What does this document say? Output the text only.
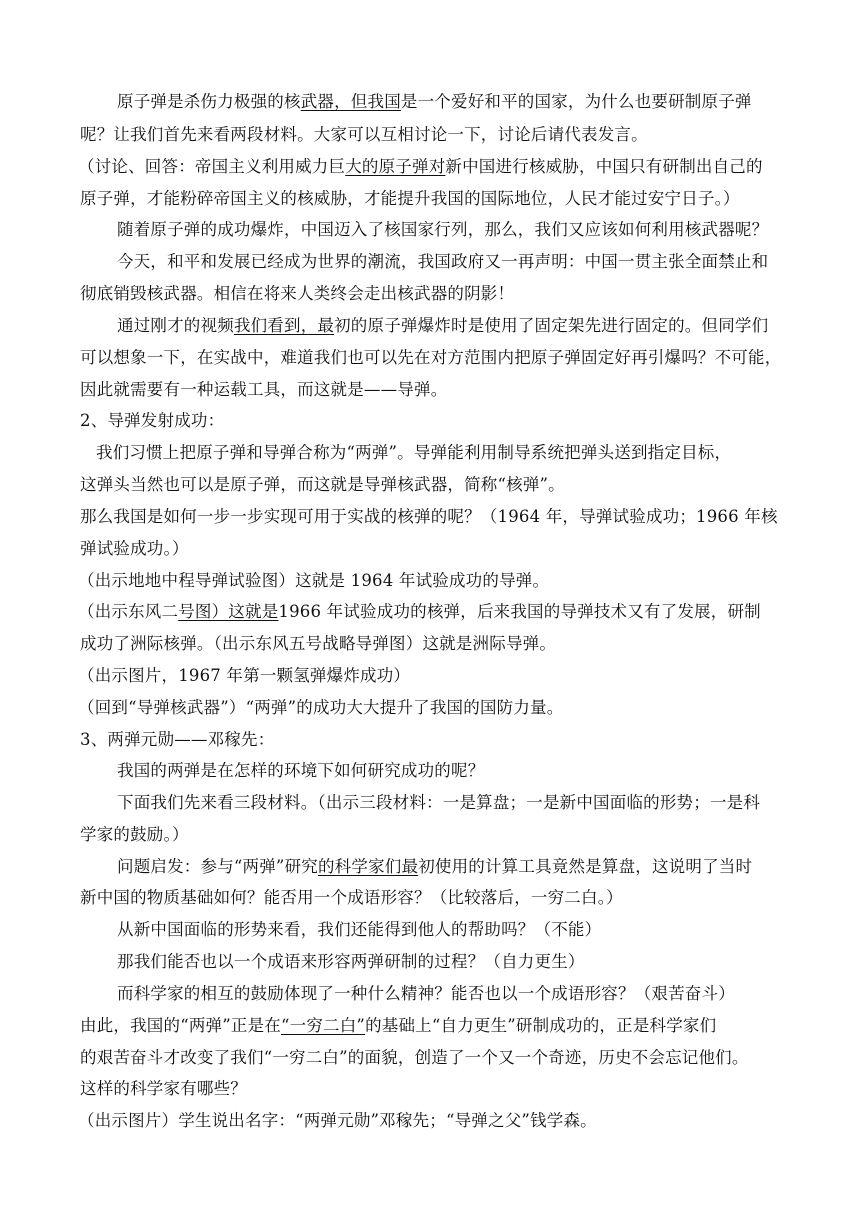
原子弹是杀伤力极强的核武器，但我国是一个爱好和平的国家，为什么也要研制原子弹
呢？让我们首先来看两段材料。大家可以互相讨论一下，讨论后请代表发言。
（讨论、回答：帝国主义利用威力巨大的原子弹对新中国进行核威胁，中国只有研制出自己的
原子弹，才能粉碎帝国主义的核威胁，才能提升我国的国际地位，人民才能过安宁日子。）
随着原子弹的成功爆炸，中国迈入了核国家行列，那么，我们又应该如何利用核武器呢？
今天，和平和发展已经成为世界的潮流，我国政府又一再声明：中国一贯主张全面禁止和
彻底销毁核武器。相信在将来人类终会走出核武器的阴影！
通过刚才的视频我们看到，最初的原子弹爆炸时是使用了固定架先进行固定的。但同学们
可以想象一下，在实战中，难道我们也可以先在对方范围内把原子弹固定好再引爆吗？不可能，
因此就需要有一种运载工具，而这就是——导弹。
2、导弹发射成功：
我们习惯上把原子弹和导弹合称为“两弹”。导弹能利用制导系统把弹头送到指定目标，
这弹头当然也可以是原子弹，而这就是导弹核武器，简称“核弹”。
那么我国是如何一步一步实现可用于实战的核弹的呢？（1964 年，导弹试验成功；1966 年核
弹试验成功。）
（出示地地中程导弹试验图）这就是 1964 年试验成功的导弹。
（出示东风二号图）这就是1966 年试验成功的核弹，后来我国的导弹技术又有了发展，研制
成功了洲际核弹。（出示东风五号战略导弹图）这就是洲际导弹。
（出示图片，1967 年第一颗氢弹爆炸成功）
（回到“导弹核武器”）“两弹”的成功大大提升了我国的国防力量。
3、两弹元勋——邓稼先：
我国的两弹是在怎样的环境下如何研究成功的呢？
下面我们先来看三段材料。（出示三段材料：一是算盘；一是新中国面临的形势；一是科
学家的鼓励。）
问题启发：参与“两弹”研究的科学家们最初使用的计算工具竟然是算盘，这说明了当时
新中国的物质基础如何？能否用一个成语形容？（比较落后，一穷二白。）
从新中国面临的形势来看，我们还能得到他人的帮助吗？（不能）
那我们能否也以一个成语来形容两弹研制的过程？（自力更生）
而科学家的相互的鼓励体现了一种什么精神？能否也以一个成语形容？（艰苦奋斗）
由此，我国的“两弹”正是在“一穷二白”的基础上“自力更生”研制成功的，正是科学家们
的艰苦奋斗才改变了我们“一穷二白”的面貌，创造了一个又一个奇迹，历史不会忘记他们。
这样的科学家有哪些？
（出示图片）学生说出名字：“两弹元勋”邓稼先；“导弹之父”钱学森。
